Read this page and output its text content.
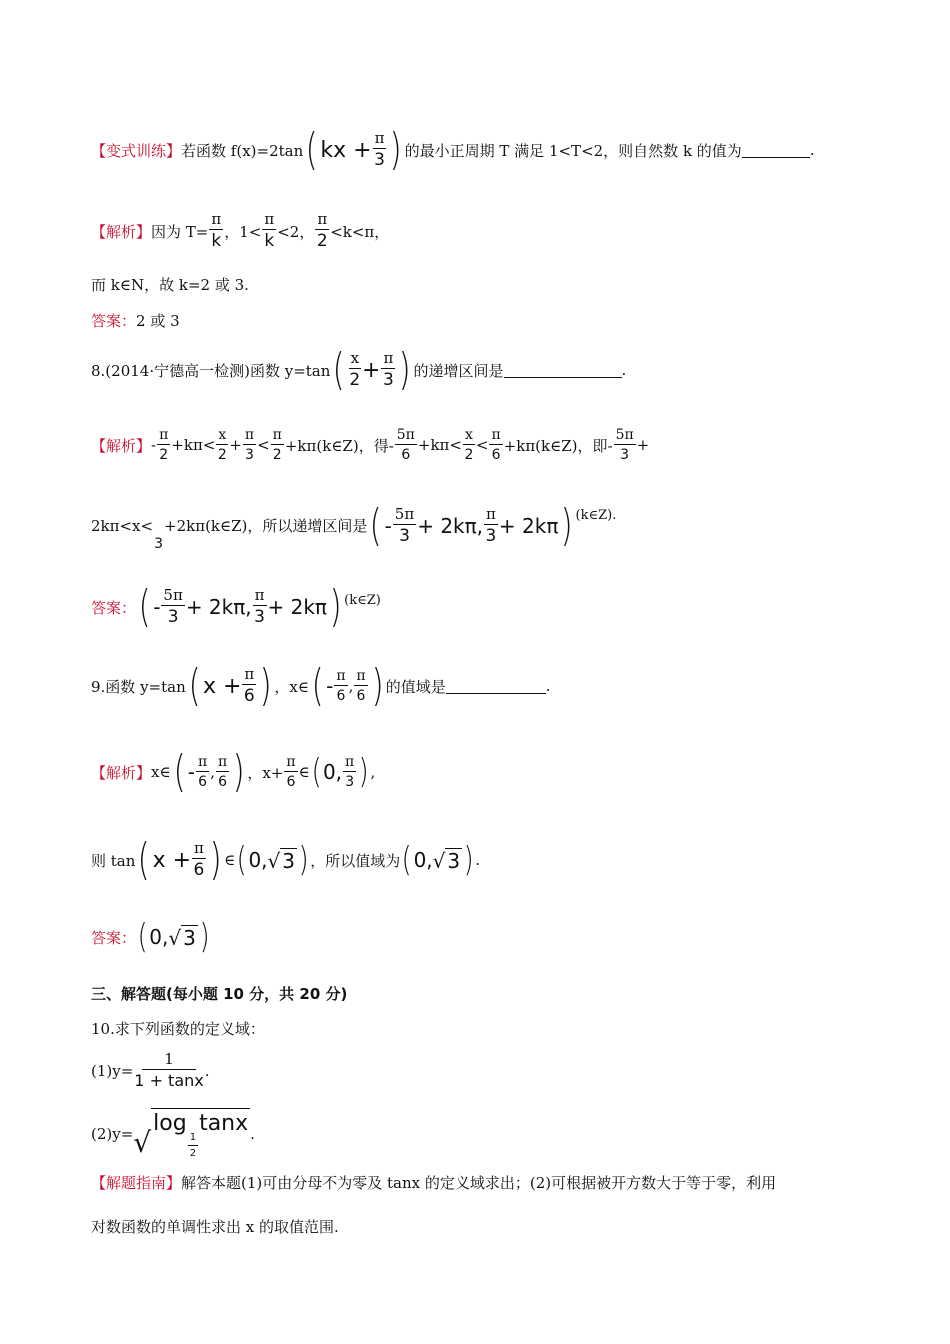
【变式训练】 若函数 f(x)=2tan ( kx + $\frac{\pi}{3}$ ) 的最小正周期 T 满足 1<T<2，则自然数 k 的值为	.
【解析】 因为 $T= \frac{\pi}{k}$ ，$1< \frac{\pi}{k} <2$， $\frac{\pi}{2} <k<\pi$，
而 k∈N，故 k=2 或 3.
答案： 2 或 3
8.(2014·宁德高一检测)函数 y=tan ( $\frac{x}{2} + \frac{\pi}{3}$ ) 的递增区间是	.
【解析】 - $\frac{\pi}{2} +k\pi< \frac{x}{2} + \frac{\pi}{3} < \frac{\pi}{2}$ +kπ(k∈Z)，得- $\frac{5\pi}{6} +k\pi< \frac{x}{2} < \frac{\pi}{6}$ +kπ(k∈Z)，即- $\frac{5\pi}{3}$ +
2kπ<x<
3
+2kπ(k∈Z)，所以递增区间是 ( - $\frac{5\pi}{3} + 2k\pi$, $\frac{\pi}{3} + 2k\pi$ ) (k∈Z).
答案： ( - $\frac{5\pi}{3} + 2k\pi$, $\frac{\pi}{3} + 2k\pi$ ) (k∈Z)
9.函数 y=tan ( $x + \frac{\pi}{6}$ ) ，x∈ ( - $\frac{\pi}{6}$ , $\frac{\pi}{6}$ ) 的值域是	.
【解析】 x∈ ( - $\frac{\pi}{6}$ , $\frac{\pi}{6}$ ) ，$x+ \frac{\pi}{6}$ ∈ ( 0, $\frac{\pi}{3}$ ) ,
则 tan ( $x + \frac{\pi}{6}$ ) ∈ ( 0, √ 3 ) ，所以值域为 ( 0, √ 3 ) .
答案： ( 0, √ 3 )
三、解答题(每小题 10 分，共 20 分)
10.求下列函数的定义域：
$(1)y= \frac{1}{1 + \tan x}$ .
(2)y= √
log
$\frac{1}{2}$
tanx .
【解题指南】 解答本题(1)可由分母不为零及 tanx 的定义域求出；(2)可根据被开方数大于等于零，利用
对数函数的单调性求出 x 的取值范围.
